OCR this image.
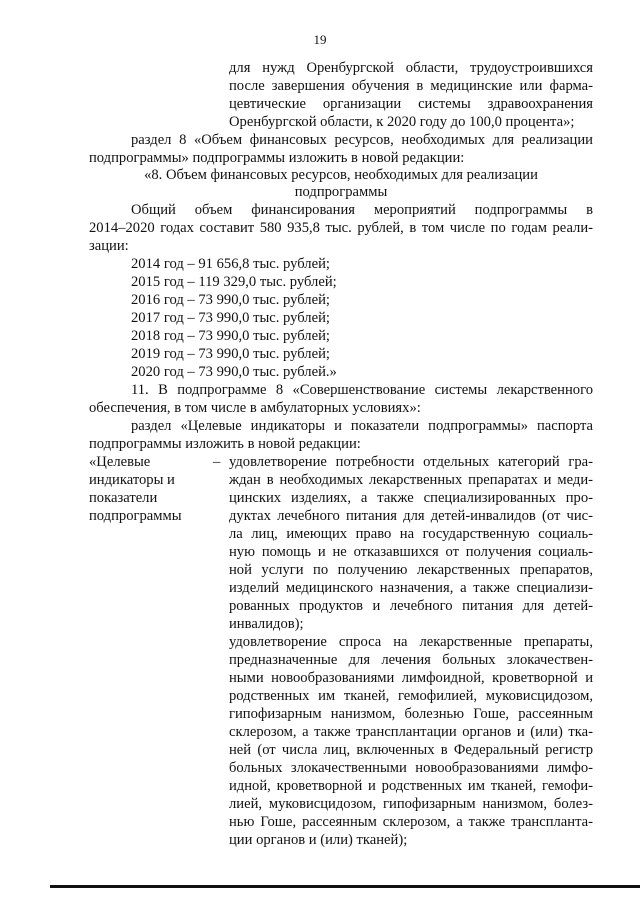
19
для нужд Оренбургской области, трудоустроившихся
после завершения обучения в медицинские или фарма-
цевтические организации системы здравоохранения
Оренбургской области, к 2020 году до 100,0 процента»;
раздел 8 «Объем финансовых ресурсов, необходимых для реализации
подпрограммы» подпрограммы изложить в новой редакции:
«8. Объем финансовых ресурсов, необходимых для реализации
подпрограммы
Общий объем финансирования мероприятий подпрограммы в
2014–2020 годах составит 580 935,8 тыс. рублей, в том числе по годам реали-
зации:
2014 год – 91 656,8 тыс. рублей;
2015 год – 119 329,0 тыс. рублей;
2016 год – 73 990,0 тыс. рублей;
2017 год – 73 990,0 тыс. рублей;
2018 год – 73 990,0 тыс. рублей;
2019 год – 73 990,0 тыс. рублей;
2020 год – 73 990,0 тыс. рублей.»
11. В подпрограмме 8 «Совершенствование системы лекарственного
обеспечения, в том числе в амбулаторных условиях»:
раздел «Целевые индикаторы и показатели подпрограммы» паспорта
подпрограммы изложить в новой редакции:
«Целевые
индикаторы и
показатели
подпрограммы
– удовлетворение потребности отдельных категорий гра-
ждан в необходимых лекарственных препаратах и меди-
цинских изделиях, а также специализированных про-
дуктах лечебного питания для детей-инвалидов (от чис-
ла лиц, имеющих право на государственную социаль-
ную помощь и не отказавшихся от получения социаль-
ной услуги по получению лекарственных препаратов,
изделий медицинского назначения, а также специализи-
рованных продуктов и лечебного питания для детей-
инвалидов);
удовлетворение спроса на лекарственные препараты,
предназначенные для лечения больных злокачествен-
ными новообразованиями лимфоидной, кроветворной и
родственных им тканей, гемофилией, муковисцидозом,
гипофизарным нанизмом, болезнью Гоше, рассеянным
склерозом, а также трансплантации органов и (или) тка-
ней (от числа лиц, включенных в Федеральный регистр
больных злокачественными новообразованиями лимфо-
идной, кроветворной и родственных им тканей, гемофи-
лией, муковисцидозом, гипофизарным нанизмом, болез-
нью Гоше, рассеянным склерозом, а также транспланта-
ции органов и (или) тканей);
